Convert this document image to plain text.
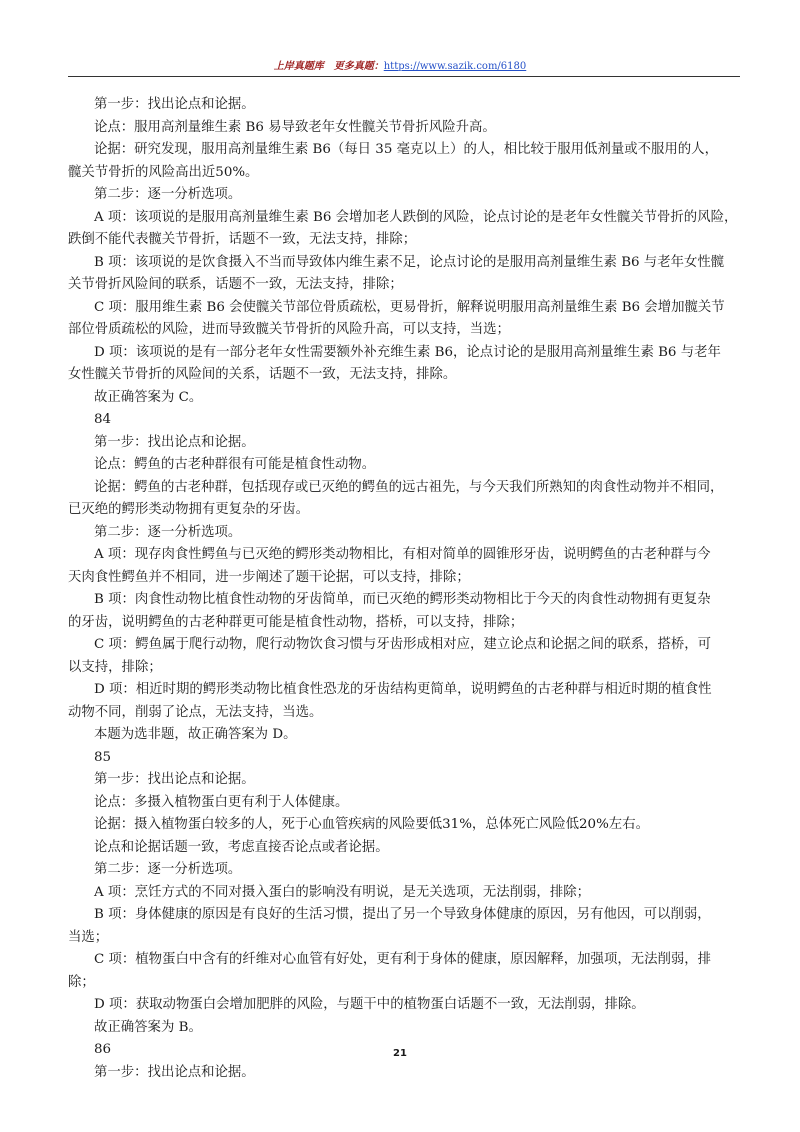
上岸真题库　更多真题：https://www.sazik.com/6180
第一步：找出论点和论据。
论点：服用高剂量维生素 B6 易导致老年女性髋关节骨折风险升高。
论据：研究发现，服用高剂量维生素 B6（每日 35 毫克以上）的人，相比较于服用低剂量或不服用的人，
髋关节骨折的风险高出近50%。
第二步：逐一分析选项。
A 项：该项说的是服用高剂量维生素 B6 会增加老人跌倒的风险，论点讨论的是老年女性髋关节骨折的风险，
跌倒不能代表髋关节骨折，话题不一致，无法支持，排除；
B 项：该项说的是饮食摄入不当而导致体内维生素不足，论点讨论的是服用高剂量维生素 B6 与老年女性髋
关节骨折风险间的联系，话题不一致，无法支持，排除；
C 项：服用维生素 B6 会使髋关节部位骨质疏松，更易骨折，解释说明服用高剂量维生素 B6 会增加髋关节
部位骨质疏松的风险，进而导致髋关节骨折的风险升高，可以支持，当选；
D 项：该项说的是有一部分老年女性需要额外补充维生素 B6，论点讨论的是服用高剂量维生素 B6 与老年
女性髋关节骨折的风险间的关系，话题不一致，无法支持，排除。
故正确答案为 C。
84
第一步：找出论点和论据。
论点：鳄鱼的古老种群很有可能是植食性动物。
论据：鳄鱼的古老种群，包括现存或已灭绝的鳄鱼的远古祖先，与今天我们所熟知的肉食性动物并不相同，
已灭绝的鳄形类动物拥有更复杂的牙齿。
第二步：逐一分析选项。
A 项：现存肉食性鳄鱼与已灭绝的鳄形类动物相比，有相对简单的圆锥形牙齿，说明鳄鱼的古老种群与今
天肉食性鳄鱼并不相同，进一步阐述了题干论据，可以支持，排除；
B 项：肉食性动物比植食性动物的牙齿简单，而已灭绝的鳄形类动物相比于今天的肉食性动物拥有更复杂
的牙齿，说明鳄鱼的古老种群更可能是植食性动物，搭桥，可以支持，排除；
C 项：鳄鱼属于爬行动物，爬行动物饮食习惯与牙齿形成相对应，建立论点和论据之间的联系，搭桥，可
以支持，排除；
D 项：相近时期的鳄形类动物比植食性恐龙的牙齿结构更简单，说明鳄鱼的古老种群与相近时期的植食性
动物不同，削弱了论点，无法支持，当选。
本题为选非题，故正确答案为 D。
85
第一步：找出论点和论据。
论点：多摄入植物蛋白更有利于人体健康。
论据：摄入植物蛋白较多的人，死于心血管疾病的风险要低31%，总体死亡风险低20%左右。
论点和论据话题一致，考虑直接否论点或者论据。
第二步：逐一分析选项。
A 项：烹饪方式的不同对摄入蛋白的影响没有明说，是无关选项，无法削弱，排除；
B 项：身体健康的原因是有良好的生活习惯，提出了另一个导致身体健康的原因，另有他因，可以削弱，
当选；
C 项：植物蛋白中含有的纤维对心血管有好处，更有利于身体的健康，原因解释，加强项，无法削弱，排
除；
D 项：获取动物蛋白会增加肥胖的风险，与题干中的植物蛋白话题不一致，无法削弱，排除。
故正确答案为 B。
86
第一步：找出论点和论据。
21
